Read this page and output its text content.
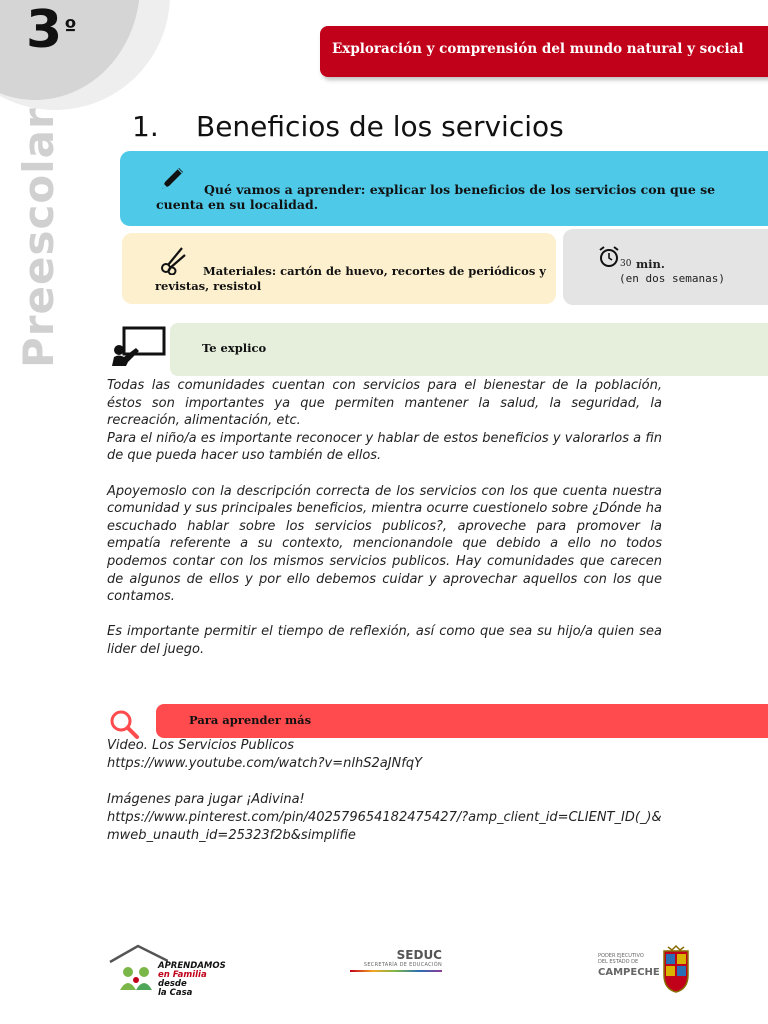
$3^º$
Preescolar
Exploración y comprensión del mundo natural y social
1. Beneficios de los servicios
Qué vamos a aprender: explicar los beneficios de los servicios con que se cuenta en su localidad.
Materiales: cartón de huevo, recortes de periódicos y revistas, resistol
30 min.
(en dos semanas)
Te explico

Todas las comunidades cuentan con servicios para el bienestar de la población, éstos son importantes ya que permiten mantener la salud, la seguridad, la recreación, alimentación, etc.

Para el niño/a es importante reconocer y hablar de estos beneficios y valorarlos a fin de que pueda hacer uso también de ellos.

Apoyemoslo con la descripción correcta de los servicios con los que cuenta nuestra comunidad y sus principales beneficios, mientra ocurre cuestionelo sobre ¿Dónde ha escuchado hablar sobre los servicios publicos?, aproveche para promover la empatía referente a su contexto, mencionandole que debido a ello no todos podemos contar con los mismos servicios publicos. Hay comunidades que carecen de algunos de ellos y por ello debemos cuidar y aprovechar aquellos con los que contamos.

Es importante permitir el tiempo de reflexión, así como que sea su hijo/a quien sea lider del juego.

Para aprender más

Video. Los Servicios Publicos

https://www.youtube.com/watch?v=nlhS2aJNfqY

Imágenes para jugar ¡Adivina!

https://www.pinterest.com/pin/402579654182475427/?amp_client_id=CLIENT_ID(_)&mweb_unauth_id=25323f2b&simplifie

APRENDAMOS
en Familia desde
la Casa
SEDUC
SECRETARÍA DE EDUCACIÓN
PODER EJECUTIVO
DEL ESTADO DE
CAMPECHE
